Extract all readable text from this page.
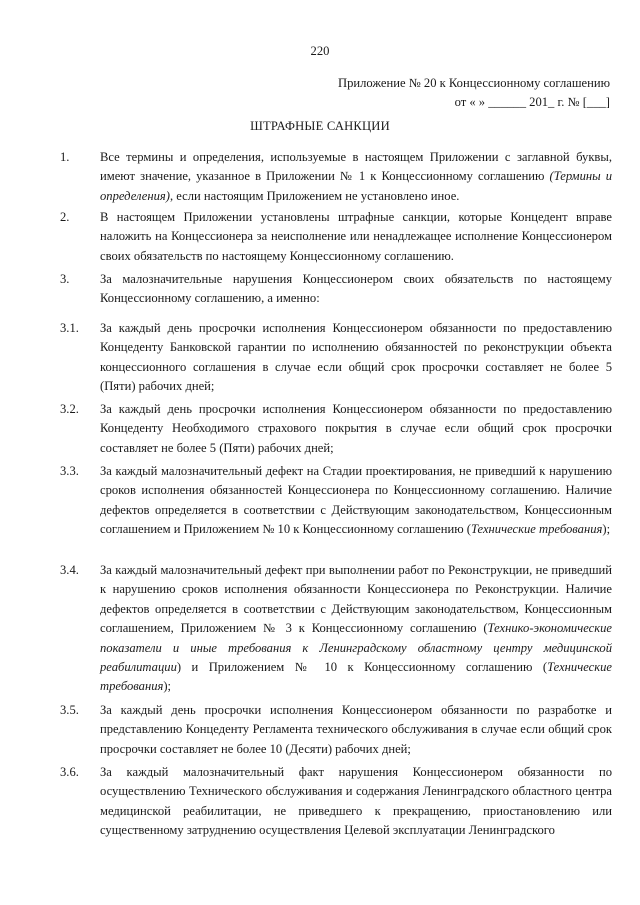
220
Приложение № 20 к Концессионному соглашению
от « » ______ 201_ г. № [___]
ШТРАФНЫЕ САНКЦИИ
1. Все термины и определения, используемые в настоящем Приложении с заглавной буквы, имеют значение, указанное в Приложении № 1 к Концессионному соглашению (Термины и определения), если настоящим Приложением не установлено иное.
2. В настоящем Приложении установлены штрафные санкции, которые Концедент вправе наложить на Концессионера за неисполнение или ненадлежащее исполнение Концессионером своих обязательств по настоящему Концессионному соглашению.
3. За малозначительные нарушения Концессионером своих обязательств по настоящему Концессионному соглашению, а именно:
3.1. За каждый день просрочки исполнения Концессионером обязанности по предоставлению Концеденту Банковской гарантии по исполнению обязанностей по реконструкции объекта концессионного соглашения в случае если общий срок просрочки составляет не более 5 (Пяти) рабочих дней;
3.2. За каждый день просрочки исполнения Концессионером обязанности по предоставлению Концеденту Необходимого страхового покрытия в случае если общий срок просрочки составляет не более 5 (Пяти) рабочих дней;
3.3. За каждый малозначительный дефект на Стадии проектирования, не приведший к нарушению сроков исполнения обязанностей Концессионера по Концессионному соглашению. Наличие дефектов определяется в соответствии с Действующим законодательством, Концессионным соглашением и Приложением № 10 к Концессионному соглашению (Технические требования);
3.4. За каждый малозначительный дефект при выполнении работ по Реконструкции, не приведший к нарушению сроков исполнения обязанности Концессионера по Реконструкции. Наличие дефектов определяется в соответствии с Действующим законодательством, Концессионным соглашением, Приложением № 3 к Концессионному соглашению (Технико-экономические показатели и иные требования к Ленинградскому областному центру медицинской реабилитации) и Приложением № 10 к Концессионному соглашению (Технические требования);
3.5. За каждый день просрочки исполнения Концессионером обязанности по разработке и представлению Концеденту Регламента технического обслуживания в случае если общий срок просрочки составляет не более 10 (Десяти) рабочих дней;
3.6. За каждый малозначительный факт нарушения Концессионером обязанности по осуществлению Технического обслуживания и содержания Ленинградского областного центра медицинской реабилитации, не приведшего к прекращению, приостановлению или существенному затруднению осуществления Целевой эксплуатации Ленинградского
